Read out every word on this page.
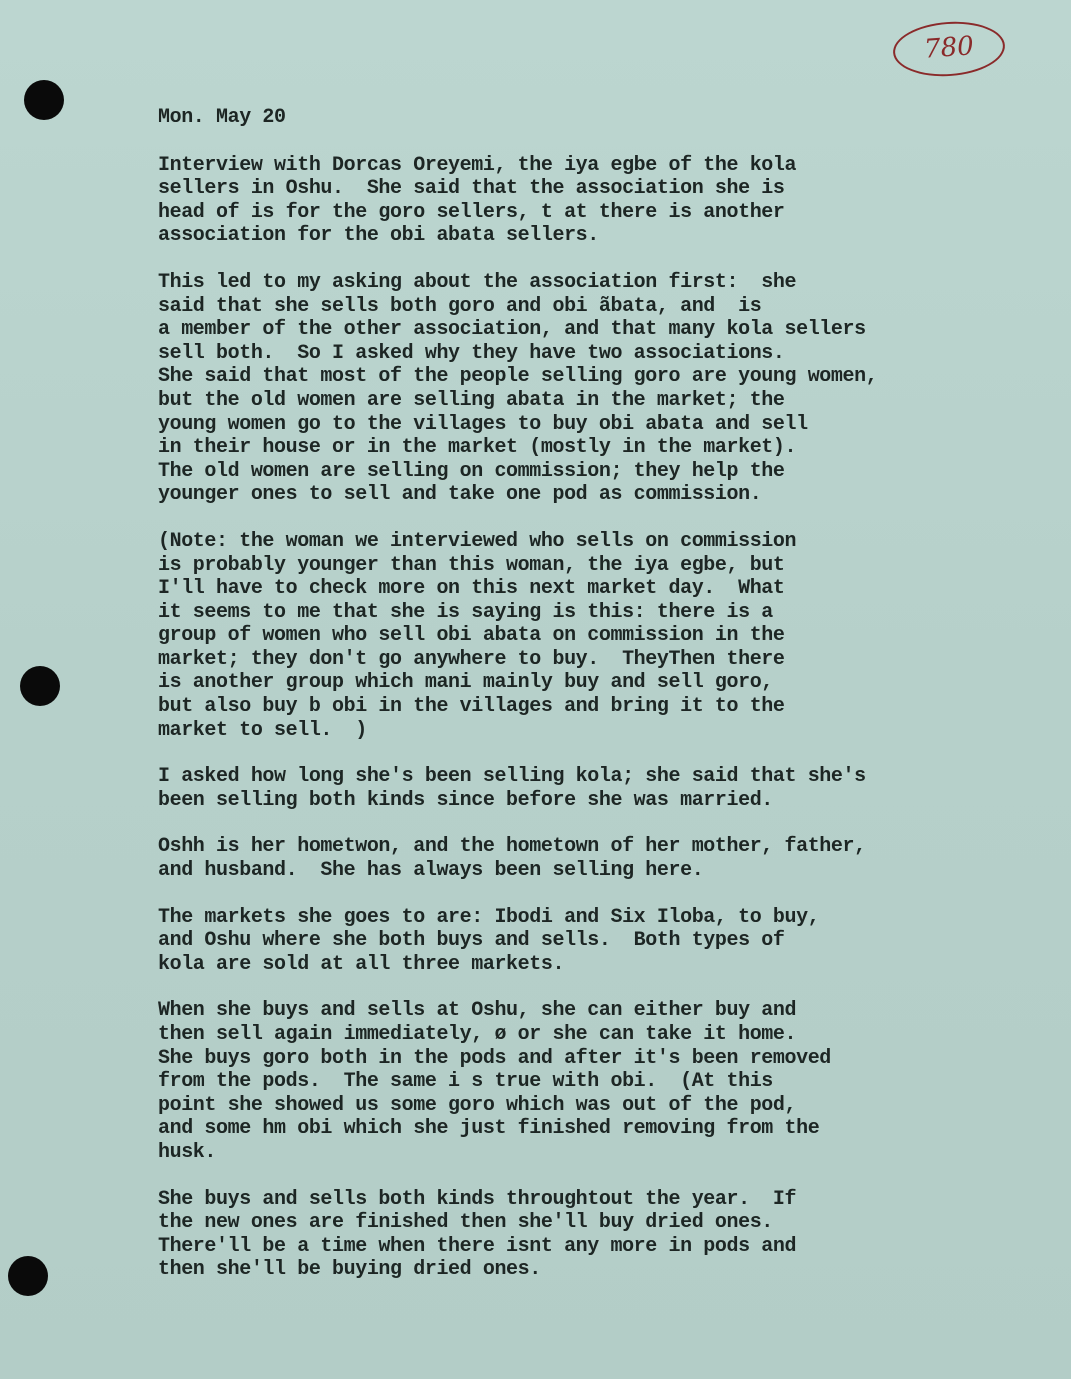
780
Mon. May 20
Interview with Dorcas Oreyemi, the iya egbe of the kola
sellers in Oshu.  She said that the association she is
head of is for the goro sellers, t at there is another
association for the obi abata sellers.
This led to my asking about the association first:  she
said that she sells both goro and obi ãbata, and  is
a member of the other association, and that many kola sellers
sell both.  So I asked why they have two associations.
She said that most of the people selling goro are young women,
but the old women are selling abata in the market; the
young women go to the villages to buy obi abata and sell
in their house or in the market (mostly in the market).
The old women are selling on commission; they help the
younger ones to sell and take one pod as commission.
(Note: the woman we interviewed who sells on commission
is probably younger than this woman, the iya egbe, but
I'll have to check more on this next market day.  What
it seems to me that she is saying is this: there is a
group of women who sell obi abata on commission in the
market; they don't go anywhere to buy.  TheyThen there
is another group which mani mainly buy and sell goro,
but also buy b obi in the villages and bring it to the
market to sell.  )
I asked how long she's been selling kola; she said that she's
been selling both kinds since before she was married.
Oshh is her hometwon, and the hometown of her mother, father,
and husband.  She has always been selling here.
The markets she goes to are: Ibodi and Six Iloba, to buy,
and Oshu where she both buys and sells.  Both types of
kola are sold at all three markets.
When she buys and sells at Oshu, she can either buy and
then sell again immediately, ø or she can take it home.
She buys goro both in the pods and after it's been removed
from the pods.  The same i s true with obi.  (At this
point she showed us some goro which was out of the pod,
and some hm obi which she just finished removing from the
husk.
She buys and sells both kinds throughtout the year.  If
the new ones are finished then she'll buy dried ones.
There'll be a time when there isnt any more in pods and
then she'll be buying dried ones.
